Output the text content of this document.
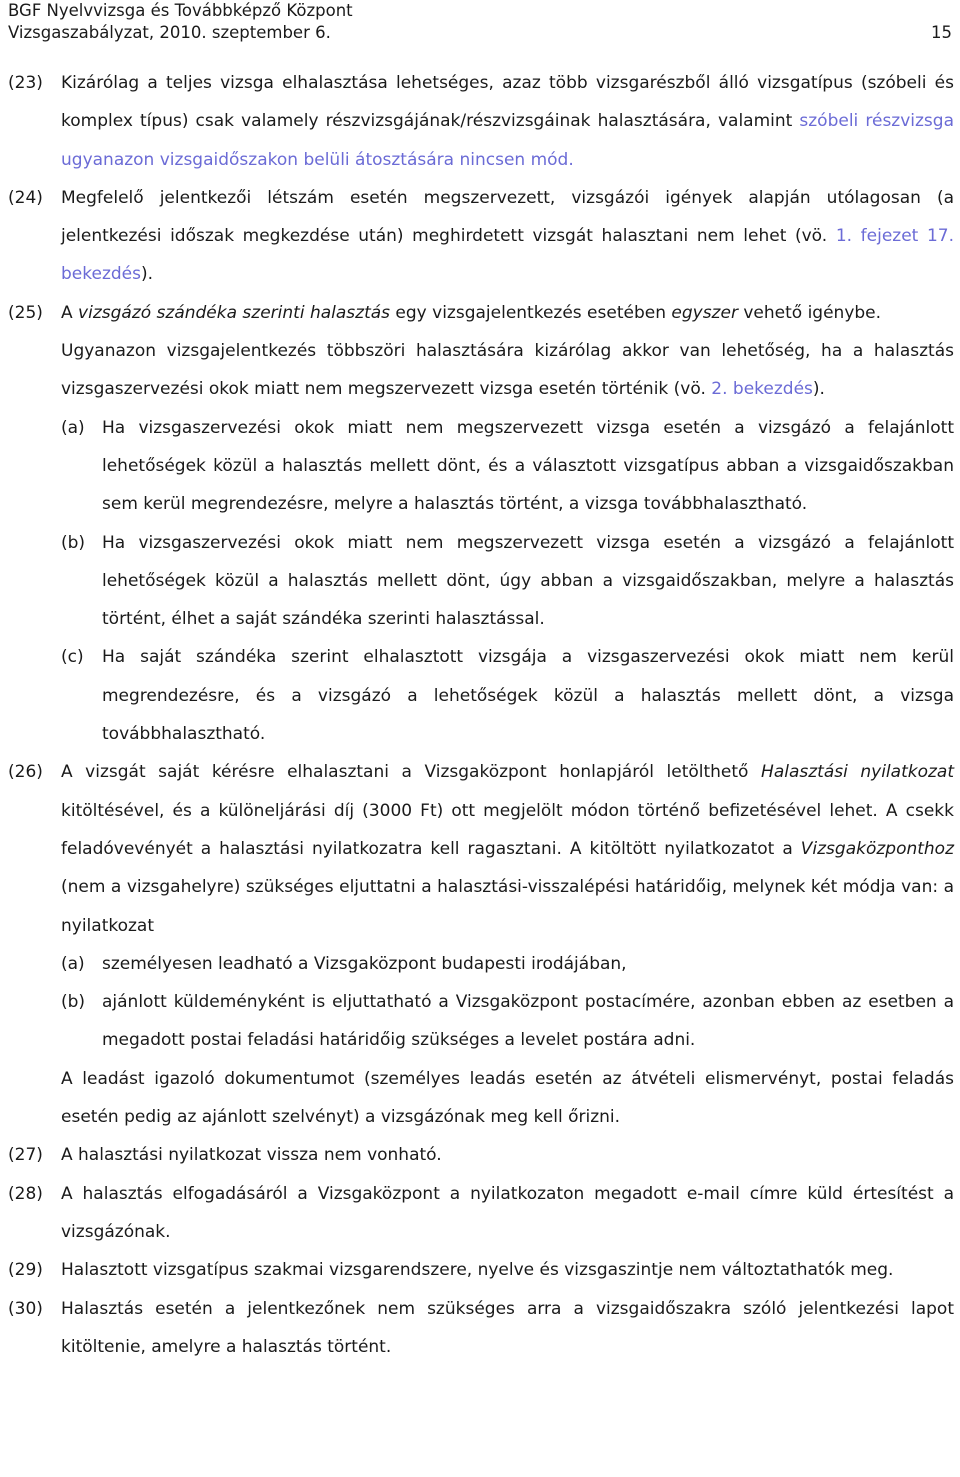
BGF Nyelvvizsga és Továbbképző Központ
Vizsgaszabályzat, 2010. szeptember 6.	15
(23)	Kizárólag a teljes vizsga elhalasztása lehetséges, azaz több vizsgarészből álló vizsgatípus (szóbeli és komplex típus) csak valamely részvizsgájának/részvizsgáinak halasztására, valamint szóbeli részvizsga ugyanazon vizsgaidőszakon belüli átosztására nincsen mód.
(24)	Megfelelő jelentkezői létszám esetén megszervezett, vizsgázói igények alapján utólagosan (a jelentkezési időszak megkezdése után) meghirdetett vizsgát halasztani nem lehet (vö. 1. fejezet 17. bekezdés).
(25)	A vizsgázó szándéka szerinti halasztás egy vizsgajelentkezés esetében egyszer vehető igénybe.
Ugyanazon vizsgajelentkezés többszöri halasztására kizárólag akkor van lehetőség, ha a halasztás vizsgaszervezési okok miatt nem megszervezett vizsga esetén történik (vö. 2. bekezdés).
(a)	Ha vizsgaszervezési okok miatt nem megszervezett vizsga esetén a vizsgázó a felajánlott lehetőségek közül a halasztás mellett dönt, és a választott vizsgatípus abban a vizsgaidőszakban sem kerül megrendezésre, melyre a halasztás történt, a vizsga továbbhalasztható.
(b) Ha vizsgaszervezési okok miatt nem megszervezett vizsga esetén a vizsgázó a felajánlott lehetőségek közül a halasztás mellett dönt, úgy abban a vizsgaidőszakban, melyre a halasztás történt, élhet a saját szándéka szerinti halasztással.
(c)	Ha saját szándéka szerint elhalasztott vizsgája a vizsgaszervezési okok miatt nem kerül megrendezésre, és a vizsgázó a lehetőségek közül a halasztás mellett dönt, a vizsga továbbhalasztható.
(26)	A vizsgát saját kérésre elhalasztani a Vizsgaközpont honlapjáról letölthető Halasztási nyilatkozat kitöltésével, és a különeljárási díj (3000 Ft) ott megjelölt módon történő befizetésével lehet. A csekk feladóvevényét a halasztási nyilatkozatra kell ragasztani. A kitöltött nyilatkozatot a Vizsgaközponthoz (nem a vizsgahelyre) szükséges eljuttatni a halasztási-visszalépési határidőig, melynek két módja van: a nyilatkozat
(a)	személyesen leadható a Vizsgaközpont budapesti irodájában,
(b) ajánlott küldeményként is eljuttatható a Vizsgaközpont postacímére, azonban ebben az esetben a megadott postai feladási határidőig szükséges a levelet postára adni.
A leadást igazoló dokumentumot (személyes leadás esetén az átvételi elismervényt, postai feladás esetén pedig az ajánlott szelvényt) a vizsgázónak meg kell őrizni.
(27)	A halasztási nyilatkozat vissza nem vonható.
(28)	A halasztás elfogadásáról a Vizsgaközpont a nyilatkozaton megadott e-mail címre küld értesítést a vizsgázónak.
(29)	Halasztott vizsgatípus szakmai vizsgarendszere, nyelve és vizsgaszintje nem változtathatók meg.
(30)	Halasztás esetén a jelentkezőnek nem szükséges arra a vizsgaidőszakra szóló jelentkezési lapot kitöltenie, amelyre a halasztás történt.
